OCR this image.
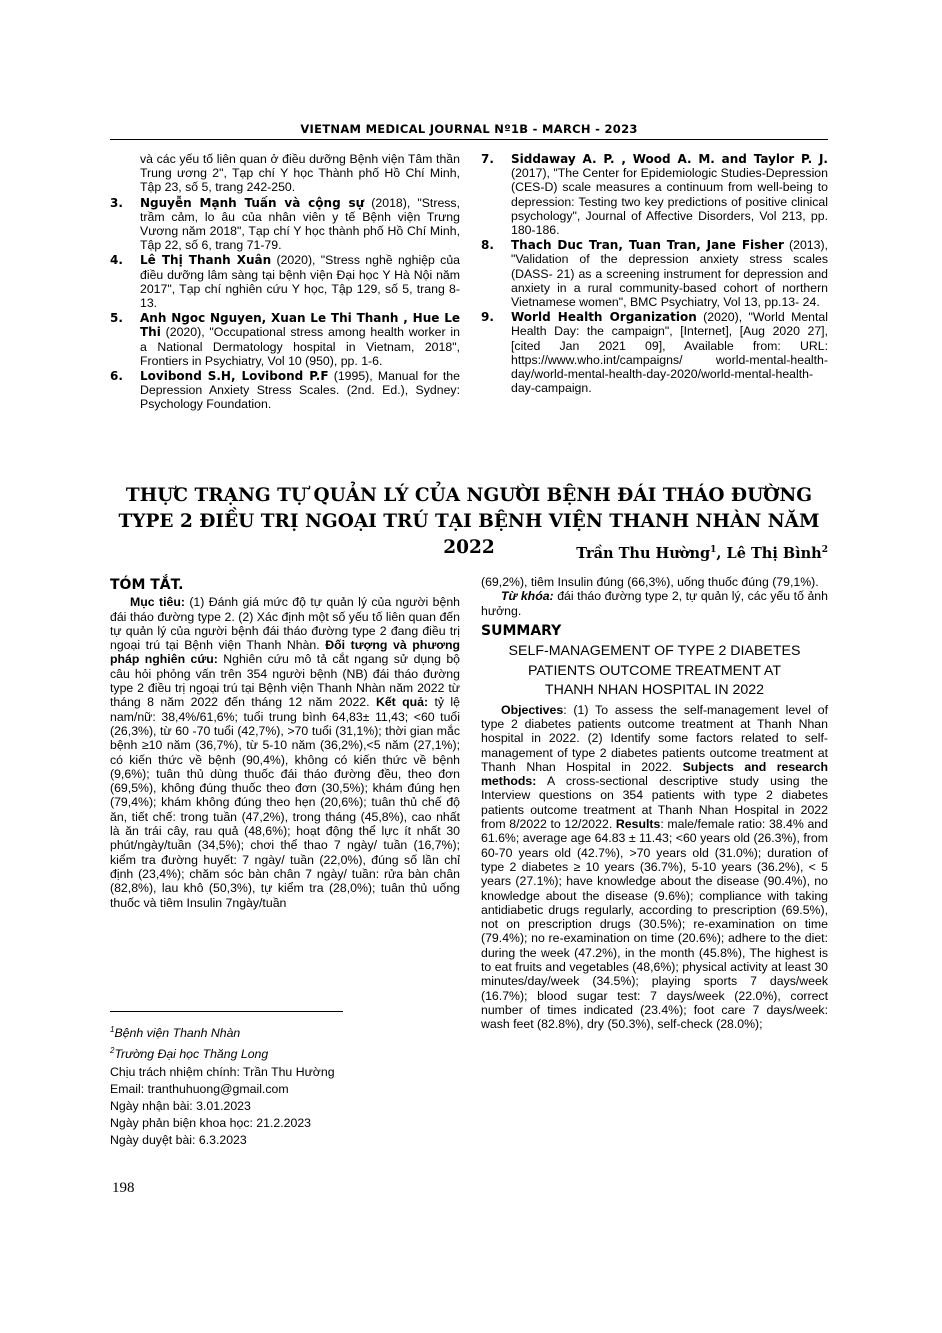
VIETNAM MEDICAL JOURNAL Nº1B - MARCH - 2023
và các yếu tố liên quan ở điều dưỡng Bệnh viện Tâm thần Trung ương 2", Tạp chí Y học Thành phố Hồ Chí Minh, Tập 23, số 5, trang 242-250.
3. Nguyễn Mạnh Tuấn và cộng sự (2018), "Stress, trầm cảm, lo âu của nhân viên y tế Bệnh viện Trưng Vương năm 2018", Tạp chí Y học thành phố Hồ Chí Minh, Tập 22, số 6, trang 71-79.
4. Lê Thị Thanh Xuân (2020), "Stress nghề nghiệp của điều dưỡng lâm sàng tại bệnh viện Đại học Y Hà Nội năm 2017", Tạp chí nghiên cứu Y học, Tập 129, số 5, trang 8-13.
5. Anh Ngoc Nguyen, Xuan Le Thi Thanh , Hue Le Thi (2020), "Occupational stress among health worker in a National Dermatology hospital in Vietnam, 2018", Frontiers in Psychiatry, Vol 10 (950), pp. 1-6.
6. Lovibond S.H, Lovibond P.F (1995), Manual for the Depression Anxiety Stress Scales. (2nd. Ed.), Sydney: Psychology Foundation.
7. Siddaway A. P. , Wood A. M. and Taylor P. J. (2017), "The Center for Epidemiologic Studies-Depression (CES-D) scale measures a continuum from well-being to depression: Testing two key predictions of positive clinical psychology", Journal of Affective Disorders, Vol 213, pp. 180-186.
8. Thach Duc Tran, Tuan Tran, Jane Fisher (2013), "Validation of the depression anxiety stress scales (DASS- 21) as a screening instrument for depression and anxiety in a rural community-based cohort of northern Vietnamese women", BMC Psychiatry, Vol 13, pp.13- 24.
9. World Health Organization (2020), "World Mental Health Day: the campaign", [Internet], [Aug 2020 27], [cited Jan 2021 09], Available from: URL: https://www.who.int/campaigns/ world-mental-health-day/world-mental-health-day-2020/world-mental-health-day-campaign.
THỰC TRẠNG TỰ QUẢN LÝ CỦA NGƯỜI BỆNH ĐÁI THÁO ĐƯỜNG
TYPE 2 ĐIỀU TRỊ NGOẠI TRÚ TẠI BỆNH VIỆN THANH NHÀN NĂM 2022	Trần Thu Hường$^1$, Lê Thị Bình$^2$
TÓM TẮT.

Mục tiêu: (1) Đánh giá mức độ tự quản lý của người bệnh đái tháo đường type 2. (2) Xác định một số yếu tố liên quan đến tự quản lý của người bệnh đái tháo đường type 2 đang điều trị ngoại trú tại Bệnh viện Thanh Nhàn. Đối tượng và phương pháp nghiên cứu: Nghiên cứu mô tả cắt ngang sử dụng bộ câu hỏi phỏng vấn trên 354 người bệnh (NB) đái tháo đường type 2 điều trị ngoại trú tại Bệnh viện Thanh Nhàn năm 2022 từ tháng 8 năm 2022 đến tháng 12 năm 2022. Kết quả: tỷ lệ nam/nữ: 38,4%/61,6%; tuổi trung bình 64,83± 11,43; <60 tuổi (26,3%), từ 60 -70 tuổi (42,7%), >70 tuổi (31,1%); thời gian mắc bệnh ≥10 năm (36,7%), từ 5-10 năm (36,2%),<5 năm (27,1%); có kiến thức về bệnh (90,4%), không có kiến thức về bệnh (9,6%); tuân thủ dùng thuốc đái tháo đường đều, theo đơn (69,5%), không đúng thuốc theo đơn (30,5%); khám đúng hẹn (79,4%); khám không đúng theo hẹn (20,6%); tuân thủ chế độ ăn, tiết chế: trong tuần (47,2%), trong tháng (45,8%), cao nhất là ăn trái cây, rau quả (48,6%); hoạt động thể lực ít nhất 30 phút/ngày/tuần (34,5%); chơi thể thao 7 ngày/ tuần (16,7%); kiểm tra đường huyết: 7 ngày/ tuần (22,0%), đúng số lần chỉ định (23,4%); chăm sóc bàn chân 7 ngày/ tuần: rửa bàn chân (82,8%), lau khô (50,3%), tự kiểm tra (28,0%); tuân thủ uống thuốc và tiêm Insulin 7ngày/tuần

(69,2%), tiêm Insulin đúng (66,3%), uống thuốc đúng (79,1%).

Từ khóa: đái tháo đường type 2, tự quản lý, các yếu tố ảnh hưởng.

SUMMARY
SELF-MANAGEMENT OF TYPE 2 DIABETES
PATIENTS OUTCOME TREATMENT AT
THANH NHAN HOSPITAL IN 2022

Objectives: (1) To assess the self-management level of type 2 diabetes patients outcome treatment at Thanh Nhan hospital in 2022. (2) Identify some factors related to self-management of type 2 diabetes patients outcome treatment at Thanh Nhan Hospital in 2022. Subjects and research methods: A cross-sectional descriptive study using the Interview questions on 354 patients with type 2 diabetes patients outcome treatment at Thanh Nhan Hospital in 2022 from 8/2022 to 12/2022. Results: male/female ratio: 38.4% and 61.6%; average age 64.83 ± 11.43; <60 years old (26.3%), from 60-70 years old (42.7%), >70 years old (31.0%); duration of type 2 diabetes ≥ 10 years (36.7%), 5-10 years (36.2%), < 5 years (27.1%); have knowledge about the disease (90.4%), no knowledge about the disease (9.6%); compliance with taking antidiabetic drugs regularly, according to prescription (69.5%), not on prescription drugs (30.5%); re-examination on time (79.4%); no re-examination on time (20.6%); adhere to the diet: during the week (47.2%), in the month (45.8%), The highest is to eat fruits and vegetables (48,6%); physical activity at least 30 minutes/day/week (34.5%); playing sports 7 days/week (16.7%); blood sugar test: 7 days/week (22.0%), correct number of times indicated (23.4%); foot care 7 days/week: wash feet (82.8%), dry (50.3%), self-check (28.0%);

$^1$Bệnh viện Thanh Nhàn
$^2$Trường Đại học Thăng Long
Chịu trách nhiệm chính: Trần Thu Hường
Email: tranthuhuong@gmail.com
Ngày nhận bài: 3.01.2023
Ngày phản biện khoa học: 21.2.2023
Ngày duyệt bài: 6.3.2023
198
